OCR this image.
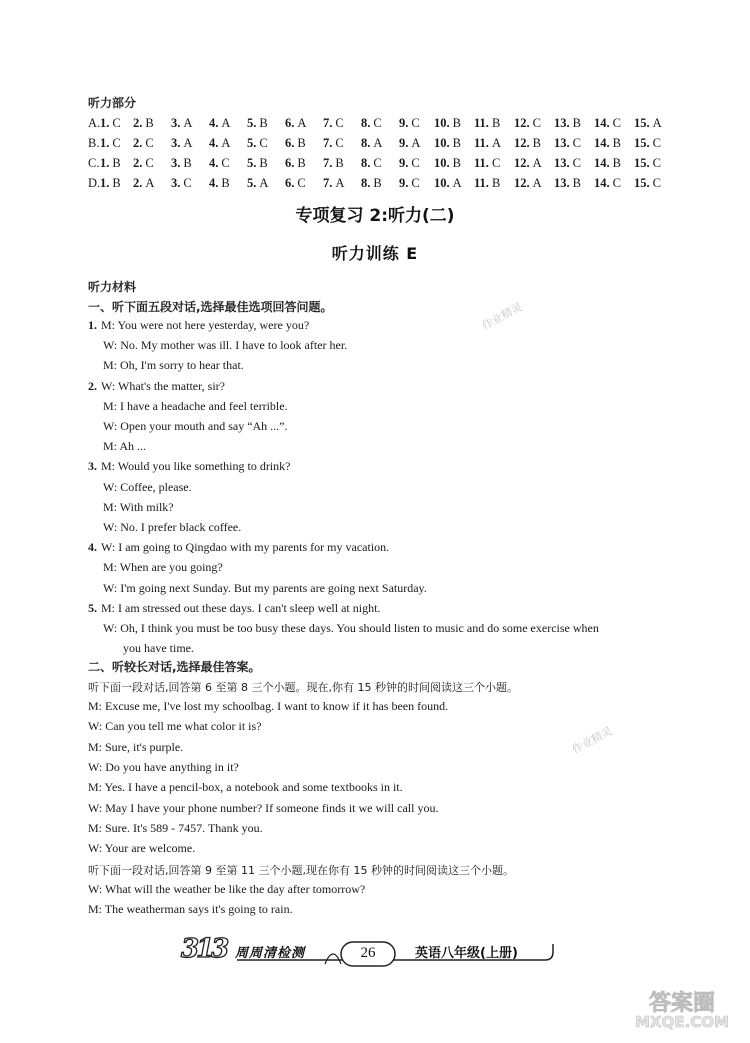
听力部分
A. 1. C 2. B 3. A 4. A 5. B 6. A 7. C 8. C 9. C 10. B 11. B 12. C 13. B 14. C 15. A
B. 1. C 2. C 3. A 4. A 5. C 6. B 7. C 8. A 9. A 10. B 11. A 12. B 13. C 14. B 15. C
C. 1. B 2. C 3. B 4. C 5. B 6. B 7. B 8. C 9. C 10. B 11. C 12. A 13. C 14. B 15. C
D. 1. B 2. A 3. C 4. B 5. A 6. C 7. A 8. B 9. C 10. A 11. B 12. A 13. B 14. C 15. C
专项复习 2:听力(二)
听力训练 E
听力材料
一、听下面五段对话,选择最佳选项回答问题。
1. M: You were not here yesterday, were you?
W: No. My mother was ill. I have to look after her.
M: Oh, I'm sorry to hear that.
2. W: What's the matter, sir?
M: I have a headache and feel terrible.
W: Open your mouth and say “Ah ...”.
M: Ah ...
3. M: Would you like something to drink?
W: Coffee, please.
M: With milk?
W: No. I prefer black coffee.
4. W: I am going to Qingdao with my parents for my vacation.
M: When are you going?
W: I'm going next Sunday. But my parents are going next Saturday.
5. M: I am stressed out these days. I can't sleep well at night.
W: Oh, I think you must be too busy these days. You should listen to music and do some exercise when
you have time.
二、听较长对话,选择最佳答案。
听下面一段对话,回答第 6 至第 8 三个小题。现在,你有 15 秒钟的时间阅读这三个小题。
M: Excuse me, I've lost my schoolbag. I want to know if it has been found.
W: Can you tell me what color it is?
M: Sure, it's purple.
W: Do you have anything in it?
M: Yes. I have a pencil-box, a notebook and some textbooks in it.
W: May I have your phone number? If someone finds it we will call you.
M: Sure. It's 589 - 7457. Thank you.
W: Your are welcome.
听下面一段对话,回答第 9 至第 11 三个小题,现在你有 15 秒钟的时间阅读这三个小题。
W: What will the weather be like the day after tomorrow?
M: The weatherman says it's going to rain.
作业精灵
作业精灵
313 周周清检测	26	英语八年级(上册)
答案圈
MXQE.COM
